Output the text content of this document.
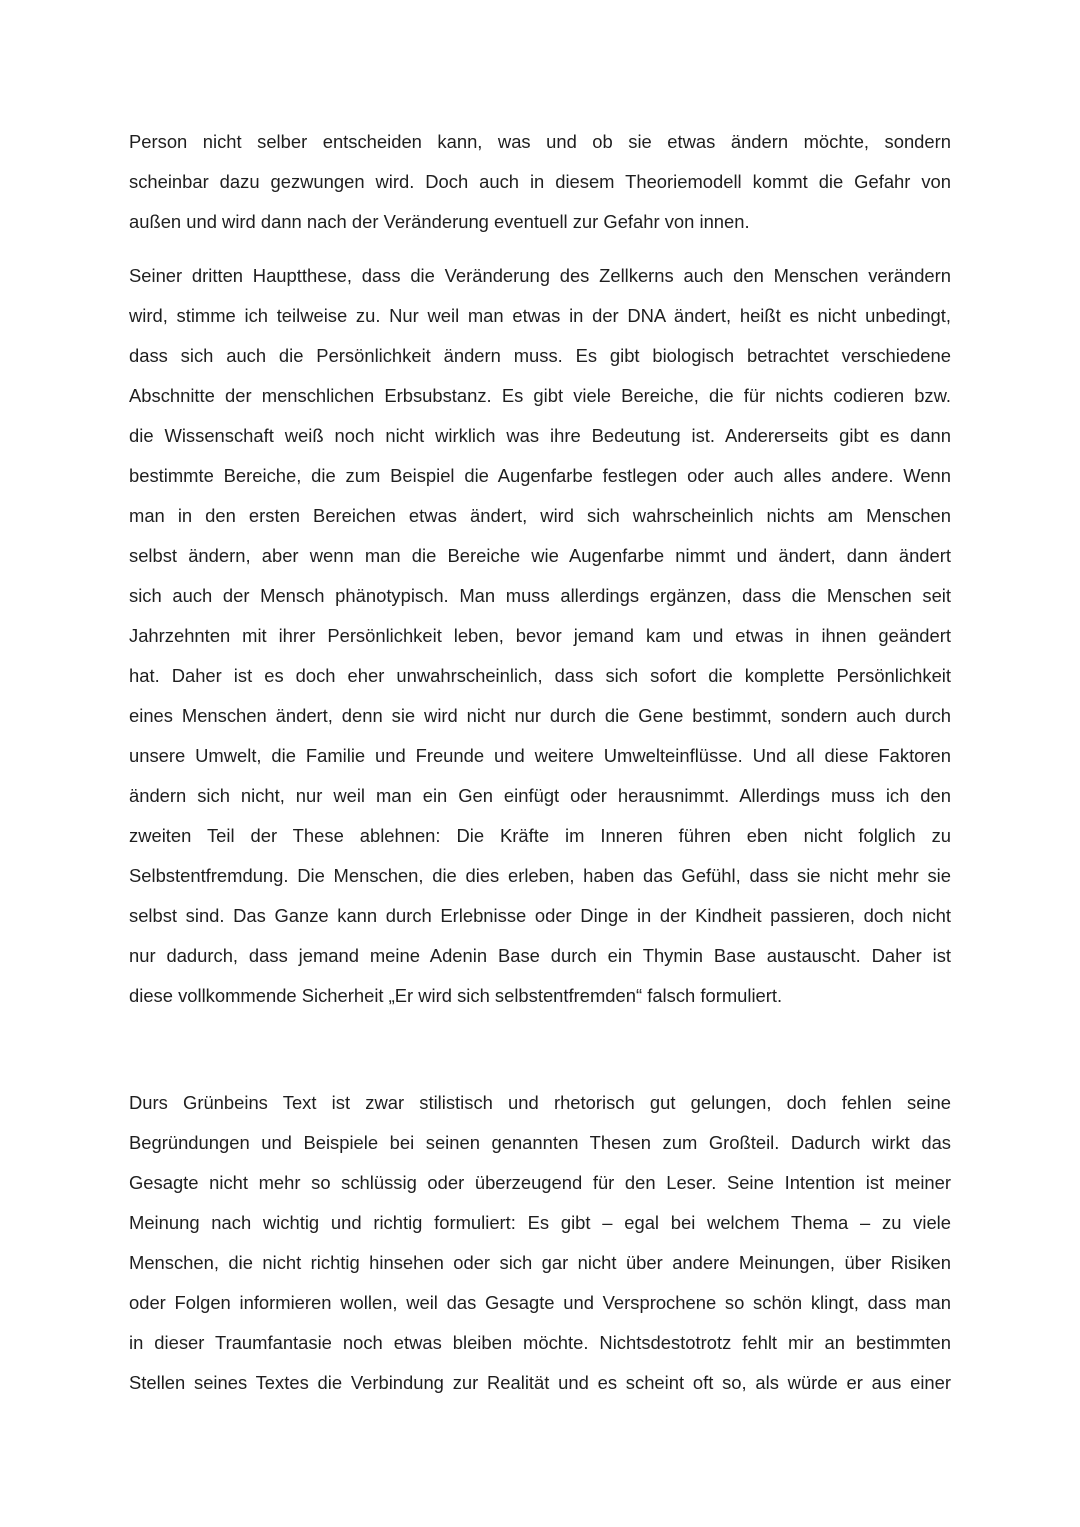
Person nicht selber entscheiden kann, was und ob sie etwas ändern möchte, sondern
scheinbar dazu gezwungen wird. Doch auch in diesem Theoriemodell kommt die Gefahr von
außen und wird dann nach der Veränderung eventuell zur Gefahr von innen.
Seiner dritten Hauptthese, dass die Veränderung des Zellkerns auch den Menschen verändern
wird, stimme ich teilweise zu. Nur weil man etwas in der DNA ändert, heißt es nicht unbedingt,
dass sich auch die Persönlichkeit ändern muss. Es gibt biologisch betrachtet verschiedene
Abschnitte der menschlichen Erbsubstanz. Es gibt viele Bereiche, die für nichts codieren bzw.
die Wissenschaft weiß noch nicht wirklich was ihre Bedeutung ist. Andererseits gibt es dann
bestimmte Bereiche, die zum Beispiel die Augenfarbe festlegen oder auch alles andere. Wenn
man in den ersten Bereichen etwas ändert, wird sich wahrscheinlich nichts am Menschen
selbst ändern, aber wenn man die Bereiche wie Augenfarbe nimmt und ändert, dann ändert
sich auch der Mensch phänotypisch. Man muss allerdings ergänzen, dass die Menschen seit
Jahrzehnten mit ihrer Persönlichkeit leben, bevor jemand kam und etwas in ihnen geändert
hat. Daher ist es doch eher unwahrscheinlich, dass sich sofort die komplette Persönlichkeit
eines Menschen ändert, denn sie wird nicht nur durch die Gene bestimmt, sondern auch durch
unsere Umwelt, die Familie und Freunde und weitere Umwelteinflüsse. Und all diese Faktoren
ändern sich nicht, nur weil man ein Gen einfügt oder herausnimmt. Allerdings muss ich den
zweiten Teil der These ablehnen: Die Kräfte im Inneren führen eben nicht folglich zu
Selbstentfremdung. Die Menschen, die dies erleben, haben das Gefühl, dass sie nicht mehr sie
selbst sind. Das Ganze kann durch Erlebnisse oder Dinge in der Kindheit passieren, doch nicht
nur dadurch, dass jemand meine Adenin Base durch ein Thymin Base austauscht. Daher ist
diese vollkommende Sicherheit „Er wird sich selbstentfremden“ falsch formuliert.
Durs Grünbeins Text ist zwar stilistisch und rhetorisch gut gelungen, doch fehlen seine
Begründungen und Beispiele bei seinen genannten Thesen zum Großteil. Dadurch wirkt das
Gesagte nicht mehr so schlüssig oder überzeugend für den Leser. Seine Intention ist meiner
Meinung nach wichtig und richtig formuliert: Es gibt – egal bei welchem Thema – zu viele
Menschen, die nicht richtig hinsehen oder sich gar nicht über andere Meinungen, über Risiken
oder Folgen informieren wollen, weil das Gesagte und Versprochene so schön klingt, dass man
in dieser Traumfantasie noch etwas bleiben möchte. Nichtsdestotrotz fehlt mir an bestimmten
Stellen seines Textes die Verbindung zur Realität und es scheint oft so, als würde er aus einer
